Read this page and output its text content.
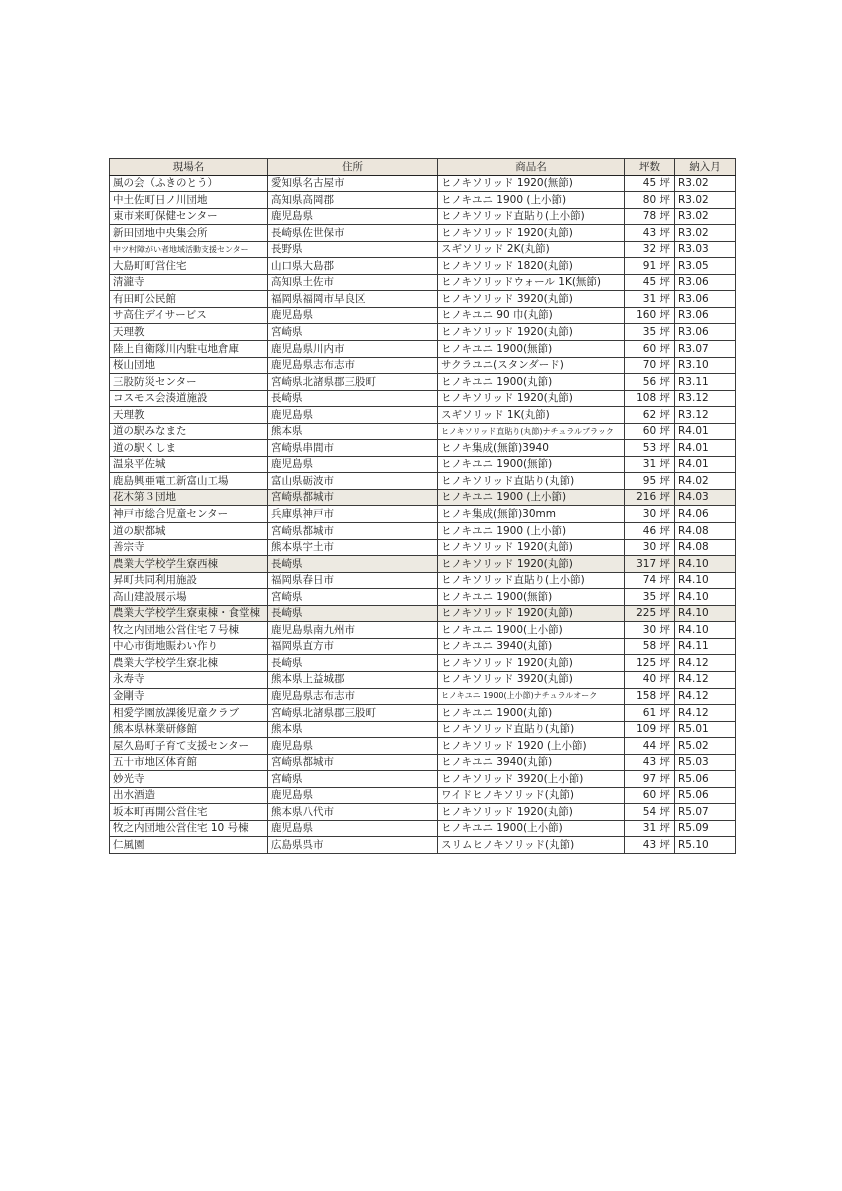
現場名	住所	商品名	坪数	納入月
風の会（ふきのとう）	愛知県名古屋市	ヒノキソリッド 1920(無節)	45 坪	R3.02
中土佐町日ノ川団地	高知県高岡郡	ヒノキユニ 1900 (上小節)	80 坪	R3.02
東市来町保健センター	鹿児島県	ヒノキソリッド直貼り(上小節)	78 坪	R3.02
新田団地中央集会所	長崎県佐世保市	ヒノキソリッド 1920(丸節)	43 坪	R3.02
中ツ村障がい者地域活動支援センター	長野県	スギソリッド 2K(丸節)	32 坪	R3.03
大島町町営住宅	山口県大島郡	ヒノキソリッド 1820(丸節)	91 坪	R3.05
清瀧寺	高知県土佐市	ヒノキソリッドウォール 1K(無節)	45 坪	R3.06
有田町公民館	福岡県福岡市早良区	ヒノキソリッド 3920(丸節)	31 坪	R3.06
サ高住デイサービス	鹿児島県	ヒノキユニ 90 巾(丸節)	160 坪	R3.06
天理教	宮崎県	ヒノキソリッド 1920(丸節)	35 坪	R3.06
陸上自衛隊川内駐屯地倉庫	鹿児島県川内市	ヒノキユニ 1900(無節)	60 坪	R3.07
桜山団地	鹿児島県志布志市	サクラユニ(スタンダード)	70 坪	R3.10
三股防災センター	宮崎県北諸県郡三股町	ヒノキユニ 1900(丸節)	56 坪	R3.11
コスモス会湊道施設	長崎県	ヒノキソリッド 1920(丸節)	108 坪	R3.12
天理教	鹿児島県	スギソリッド 1K(丸節)	62 坪	R3.12
道の駅みなまた	熊本県	ヒノキソリッド直貼り(丸節)ナチュラルブラック	60 坪	R4.01
道の駅くしま	宮崎県串間市	ヒノキ集成(無節)3940	53 坪	R4.01
温泉平佐城	鹿児島県	ヒノキユニ 1900(無節)	31 坪	R4.01
鹿島興亜電工新富山工場	富山県砺波市	ヒノキソリッド直貼り(丸節)	95 坪	R4.02
花木第３団地	宮崎県都城市	ヒノキユニ 1900 (上小節)	216 坪	R4.03
神戸市総合児童センター	兵庫県神戸市	ヒノキ集成(無節)30mm	30 坪	R4.06
道の駅都城	宮崎県都城市	ヒノキユニ 1900 (上小節)	46 坪	R4.08
善宗寺	熊本県宇土市	ヒノキソリッド 1920(丸節)	30 坪	R4.08
農業大学校学生寮西棟	長崎県	ヒノキソリッド 1920(丸節)	317 坪	R4.10
昇町共同利用施設	福岡県春日市	ヒノキソリッド直貼り(上小節)	74 坪	R4.10
高山建設展示場	宮崎県	ヒノキユニ 1900(無節)	35 坪	R4.10
農業大学校学生寮東棟・食堂棟	長崎県	ヒノキソリッド 1920(丸節)	225 坪	R4.10
牧之内団地公営住宅７号棟	鹿児島県南九州市	ヒノキユニ 1900(上小節)	30 坪	R4.10
中心市街地賑わい作り	福岡県直方市	ヒノキユニ 3940(丸節)	58 坪	R4.11
農業大学校学生寮北棟	長崎県	ヒノキソリッド 1920(丸節)	125 坪	R4.12
永寿寺	熊本県上益城郡	ヒノキソリッド 3920(丸節)	40 坪	R4.12
金剛寺	鹿児島県志布志市	ヒノキユニ 1900(上小節)ナチュラルオーク	158 坪	R4.12
相愛学園放課後児童クラブ	宮崎県北諸県郡三股町	ヒノキユニ 1900(丸節)	61 坪	R4.12
熊本県林業研修館	熊本県	ヒノキソリッド直貼り(丸節)	109 坪	R5.01
屋久島町子育て支援センター	鹿児島県	ヒノキソリッド 1920 (上小節)	44 坪	R5.02
五十市地区体育館	宮崎県都城市	ヒノキユニ 3940(丸節)	43 坪	R5.03
妙光寺	宮崎県	ヒノキソリッド 3920(上小節)	97 坪	R5.06
出水酒造	鹿児島県	ワイドヒノキソリッド(丸節)	60 坪	R5.06
坂本町再開公営住宅	熊本県八代市	ヒノキソリッド 1920(丸節)	54 坪	R5.07
牧之内団地公営住宅 10 号棟	鹿児島県	ヒノキユニ 1900(上小節)	31 坪	R5.09
仁風園	広島県呉市	スリムヒノキソリッド(丸節)	43 坪	R5.10
